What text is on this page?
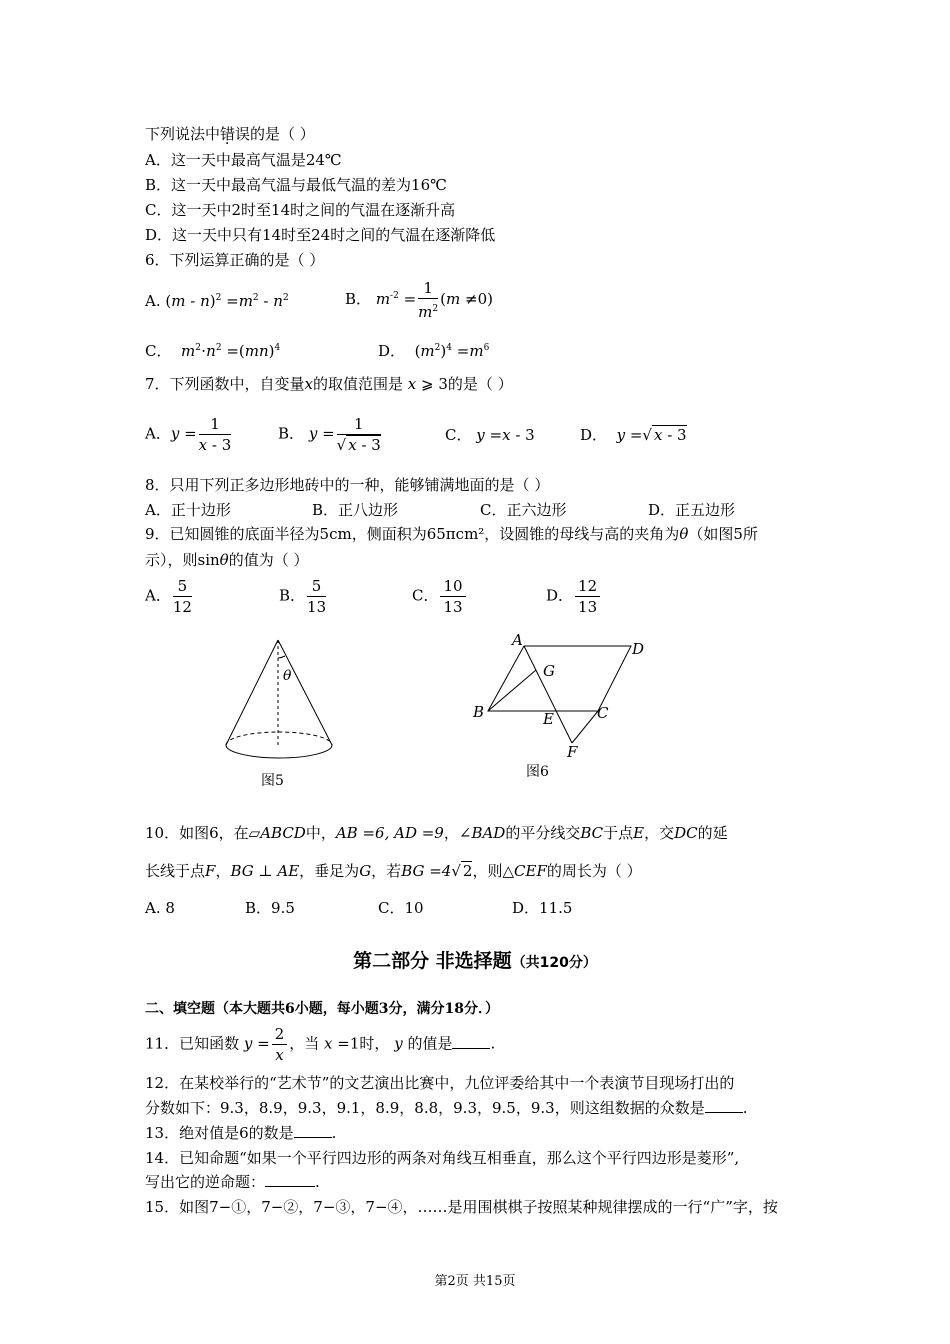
下列说法中错误的是（ ）
A．这一天中最高气温是24℃
B．这一天中最高气温与最低气温的差为16℃
C．这一天中2时至14时之间的气温在逐渐升高
D．这一天中只有14时至24时之间的气温在逐渐降低
6．下列运算正确的是（ ）
A. $(m - n)^2 =m^2 - n^2$	B． $m^{-2} = \frac{1}{m^2} (m \ne 0)$
C． $m^2\cdot n^2 =(mn)^4$	D．  $(m^2)^4 =m^6$
7．下列函数中，自变量x的取值范围是 x ⩾ 3的是（ ）
A．$y = \frac{1}{x - 3}$	B． $y = \frac{1}{√ x - 3}$	C． y =x - 3	D． y =√ x - 3
8．只用下列正多边形地砖中的一种，能够铺满地面的是（ ）
A．正十边形	B．正八边形	C．正六边形	D．正五边形
9．已知圆锥的底面半径为5cm，侧面积为65πcm²，设圆锥的母线与高的夹角为θ（如图5所
示），则sinθ的值为（ ）
A． $\frac{5}{12}$	B． $\frac{5}{13}$	C． $\frac{10}{13}$	D． $\frac{12}{13}$
θ
图5
A	D
G
B	E	C
F
图6
10．如图6，在▱ABCD中，AB =6, AD =9，∠BAD的平分线交BC于点E，交DC的延
长线于点F，BG ⊥ AE，垂足为G，若BG =4√ 2，则△CEF的周长为（ ）
A. 8	B．9.5	C．10	D．11.5
第二部分 非选择题（共120分）
二、填空题（本大题共6小题，每小题3分，满分18分．）
11．已知函数 $y = \frac{2}{x}$ ，当 x =1时， y 的值是	.
12．在某校举行的“艺术节”的文艺演出比赛中，九位评委给其中一个表演节目现场打出的
分数如下：9.3，8.9，9.3，9.1，8.9，8.8，9.3，9.5，9.3，则这组数据的众数是	.
13．绝对值是6的数是	.
14．已知命题“如果一个平行四边形的两条对角线互相垂直，那么这个平行四边形是菱形”,
写出它的逆命题：	.
15．如图7−①，7−②，7−③，7−④，……是用围棋棋子按照某种规律摆成的一行“广”字，按
第2页 共15页
